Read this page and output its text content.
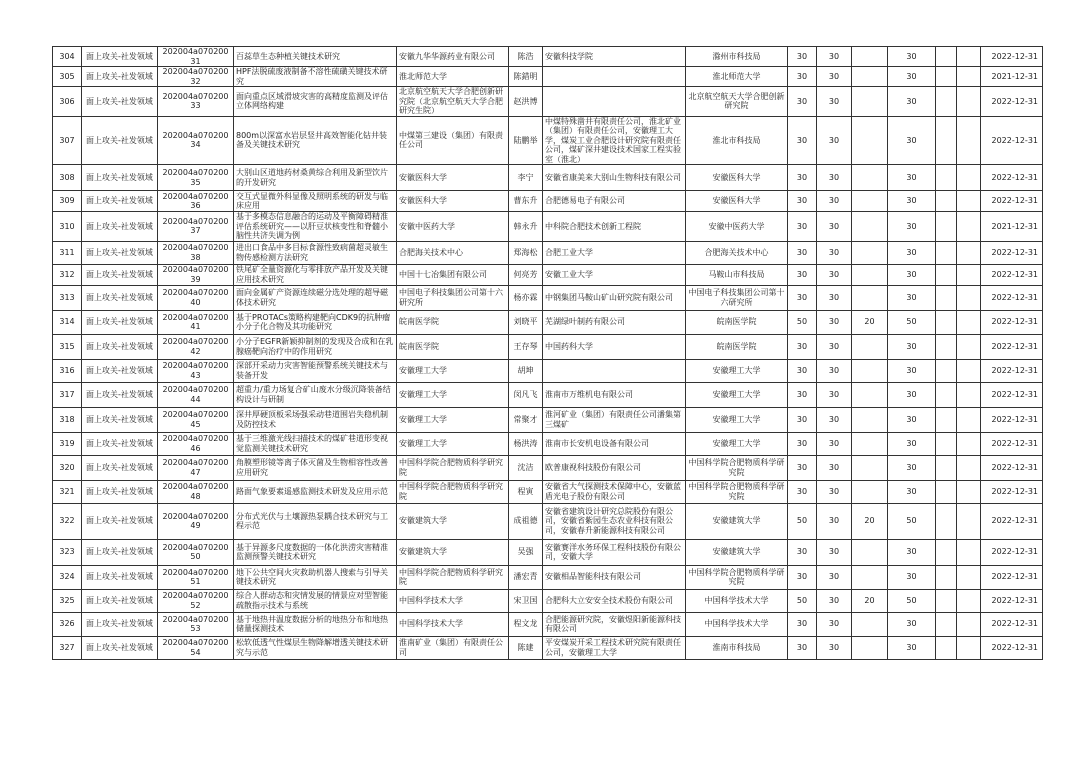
304	面上攻关-社发领域	202004a07020031	百蕊草生态种植关键技术研究	安徽九华华源药业有限公司	陈浩	安徽科技学院	滁州市科技局	30	30		30			2022-12-31
305	面上攻关-社发领域	202004a07020032	HPF法脱硫废液制备不溶性硫磺关键技术研究	淮北师范大学	陈錯明		淮北师范大学	30	30		30			2021-12-31
306	面上攻关-社发领域	202004a07020033	面向重点区域滑坡灾害的高精度监测及评估立体网络构建	北京航空航天大学合肥创新研究院（北京航空航天大学合肥研究生院）	赵洪博		北京航空航天大学合肥创新研究院	30	30		30			2022-12-31
307	面上攻关-社发领域	202004a07020034	800m以深富水岩层竖井高效智能化钻井装备及关键技术研究	中煤第三建设（集团）有限责任公司	陆鹏举	中煤特殊凿井有限责任公司，淮北矿业（集团）有限责任公司，安徽理工大学，煤炭工业合肥设计研究院有限责任公司，煤矿深井建设技术国家工程实验室（淮北）	淮北市科技局	30	30		30			2022-12-31
308	面上攻关-社发领域	202004a07020035	大别山区道地药材桑黄综合利用及新型饮片的开发研究	安徽医科大学	李宁	安徽省康美来大别山生物科技有限公司	安徽医科大学	30	30		30			2022-12-31
309	面上攻关-社发领域	202004a07020036	交互式显微外科显像及照明系统的研发与临床应用	安徽医科大学	曹东升	合肥德易电子有限公司	安徽医科大学	30	30		30			2022-12-31
310	面上攻关-社发领域	202004a07020037	基于多模态信息融合的运动及平衡障碍精准评估系统研究——以肝豆状核变性和脊髓小脑性共济失调为例	安徽中医药大学	韩永升	中科院合肥技术创新工程院	安徽中医药大学	30	30		30			2021-12-31
311	面上攻关-社发领域	202004a07020038	进出口食品中多目标食源性致病菌超灵敏生物传感检测方法研究	合肥海关技术中心	郑海松	合肥工业大学	合肥海关技术中心	30	30		30			2022-12-31
312	面上攻关-社发领域	202004a07020039	铁尾矿全量资源化与零排放产品开发及关键应用技术研究	中国十七冶集团有限公司	何亮芳	安徽工业大学	马鞍山市科技局	30	30		30			2022-12-31
313	面上攻关-社发领域	202004a07020040	面向金属矿产资源连续磁分选处理的超导磁体技术研究	中国电子科技集团公司第十六研究所	杨亦霖	中钢集团马鞍山矿山研究院有限公司	中国电子科技集团公司第十六研究所	30	30		30			2022-12-31
314	面上攻关-社发领域	202004a07020041	基于PROTACs策略构建靶向CDK9的抗肿瘤小分子化合物及其功能研究	皖南医学院	刘晓平	芜湖绿叶制药有限公司	皖南医学院	50	30	20	50			2022-12-31
315	面上攻关-社发领域	202004a07020042	小分子EGFR新颖抑制剂的发现及合成和在乳腺癌靶向治疗中的作用研究	皖南医学院	王存琴	中国药科大学	皖南医学院	30	30		30			2022-12-31
316	面上攻关-社发领域	202004a07020043	深部开采动力灾害智能预警系统关键技术与装备开发	安徽理工大学	胡坤		安徽理工大学	30	30		30			2022-12-31
317	面上攻关-社发领域	202004a07020044	超重力/重力场复合矿山废水分级沉降装备结构设计与研制	安徽理工大学	闵凡飞	淮南市万维机电有限公司	安徽理工大学	30	30		30			2022-12-31
318	面上攻关-社发领域	202004a07020045	深井厚硬顶板采场强采动巷道围岩失稳机制及防控技术	安徽理工大学	常聚才	淮河矿业（集团）有限责任公司潘集第三煤矿	安徽理工大学	30	30		30			2022-12-31
319	面上攻关-社发领域	202004a07020046	基于三维激光线扫描技术的煤矿巷道形变视觉监测关键技术研究	安徽理工大学	杨洪涛	淮南市长安机电设备有限公司	安徽理工大学	30	30		30			2022-12-31
320	面上攻关-社发领域	202004a07020047	角膜塑形镜等离子体灭菌及生物相容性改善应用研究	中国科学院合肥物质科学研究院	沈洁	欧普康视科技股份有限公司	中国科学院合肥物质科学研究院	30	30		30			2022-12-31
321	面上攻关-社发领域	202004a07020048	路面气象要素遥感监测技术研发及应用示范	中国科学院合肥物质科学研究院	程寅	安徽省大气探测技术保障中心，安徽蓝盾光电子股份有限公司	中国科学院合肥物质科学研究院	30	30		30			2022-12-31
322	面上攻关-社发领域	202004a07020049	分布式光伏与土壤源热泵耦合技术研究与工程示范	安徽建筑大学	成祖德	安徽省建筑设计研究总院股份有限公司，安徽省紫园生态农业科技有限公司，安徽春升新能源科技有限公司	安徽建筑大学	50	30	20	50			2022-12-31
323	面上攻关-社发领域	202004a07020050	基于异源多尺度数据的一体化洪涝灾害精准监测预警关键技术研究	安徽建筑大学	吴强	安徽赛洋水务环保工程科技股份有限公司，安徽大学	安徽建筑大学	30	30		30			2022-12-31
324	面上攻关-社发领域	202004a07020051	地下公共空间火灾救助机器人搜索与引导关键技术研究	中国科学院合肥物质科学研究院	潘宏青	安徽相品智能科技有限公司	中国科学院合肥物质科学研究院	30	30		30			2022-12-31
325	面上攻关-社发领域	202004a07020052	综合人群动态和灾情发展的情景应对型智能疏散指示技术与系统	中国科学技术大学	宋卫国	合肥科大立安安全技术股份有限公司	中国科学技术大学	50	30	20	50			2022-12-31
326	面上攻关-社发领域	202004a07020053	基于地热井温度数据分析的地热分布和地热储量探测技术	中国科学技术大学	程文龙	合肥能源研究院，安徽煜阳新能源科技有限公司	中国科学技术大学	30	30		30			2022-12-31
327	面上攻关-社发领域	202004a07020054	松软低透气性煤层生物降解增透关键技术研究与示范	淮南矿业（集团）有限责任公司	陈建	平安煤炭开采工程技术研究院有限责任公司，安徽理工大学	淮南市科技局	30	30		30			2022-12-31
